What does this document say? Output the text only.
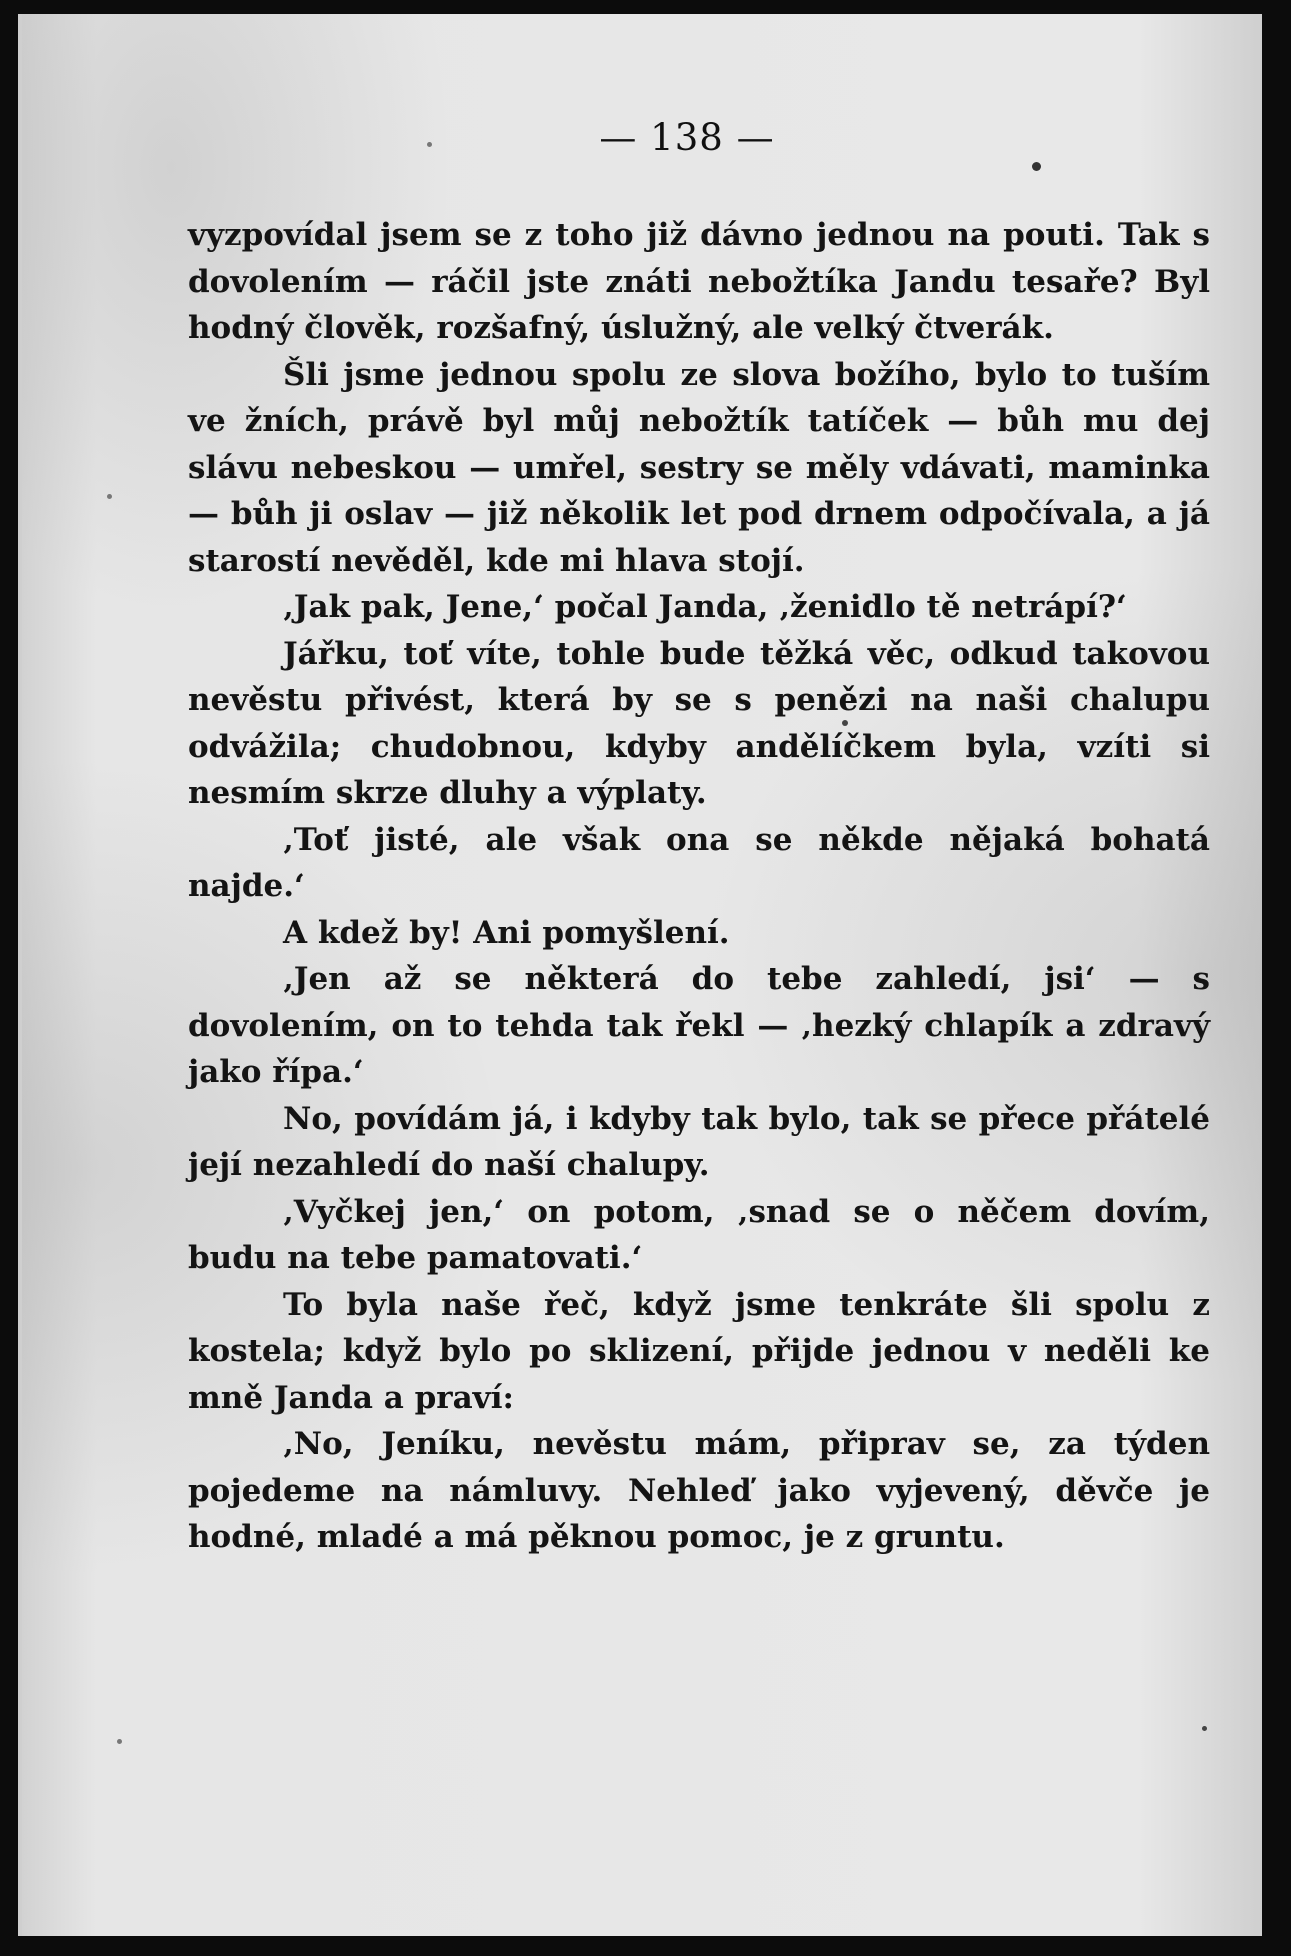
— 138 —

vyzpovídal jsem se z toho již dávno jednou na pouti. Tak s dovolením — ráčil jste znáti nebožtíka Jandu tesaře? Byl hodný člověk, rozšafný, úslužný, ale velký čtverák.

Šli jsme jednou spolu ze slova božího, bylo to tuším ve žních, právě byl můj nebožtík tatíček — bůh mu dej slávu nebeskou — umřel, sestry se měly vdávati, maminka — bůh ji oslav — již několik let pod drnem odpočívala, a já starostí nevěděl, kde mi hlava stojí.

‚Jak pak, Jene,‘ počal Janda, ‚ženidlo tě netrápí?‘

Jářku, toť víte, tohle bude těžká věc, odkud takovou nevěstu přivést, která by se s penězi na naši chalupu odvážila; chudobnou, kdyby andělíčkem byla, vzíti si nesmím skrze dluhy a výplaty.

‚Toť jisté, ale však ona se někde nějaká bohatá najde.‘

A kdež by! Ani pomyšlení.

‚Jen až se některá do tebe zahledí, jsi‘ — s dovolením, on to tehda tak řekl — ‚hezký chlapík a zdravý jako řípa.‘

No, povídám já, i kdyby tak bylo, tak se přece přátelé její nezahledí do naší chalupy.

‚Vyčkej jen,‘ on potom, ‚snad se o něčem dovím, budu na tebe pamatovati.‘

To byla naše řeč, když jsme tenkráte šli spolu z kostela; když bylo po sklizení, přijde jednou v neděli ke mně Janda a praví:

‚No, Jeníku, nevěstu mám, připrav se, za týden pojedeme na námluvy. Nehleď jako vyjevený, děvče je hodné, mladé a má pěknou pomoc, je z gruntu.
